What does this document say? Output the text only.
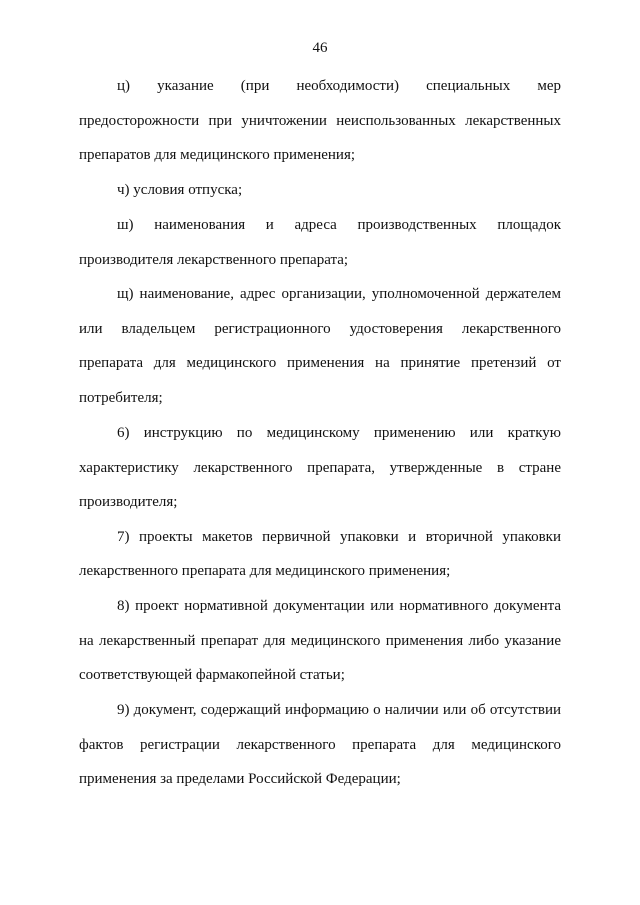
46
ц) указание (при необходимости) специальных мер
предосторожности при уничтожении неиспользованных лекарственных
препаратов для медицинского применения;
ч) условия отпуска;
ш) наименования и адреса производственных площадок
производителя лекарственного препарата;
щ) наименование, адрес организации, уполномоченной держателем
или владельцем регистрационного удостоверения лекарственного
препарата для медицинского применения на принятие претензий от
потребителя;
6) инструкцию по медицинскому применению или краткую
характеристику лекарственного препарата, утвержденные в стране
производителя;
7) проекты макетов первичной упаковки и вторичной упаковки
лекарственного препарата для медицинского применения;
8) проект нормативной документации или нормативного документа
на лекарственный препарат для медицинского применения либо указание
соответствующей фармакопейной статьи;
9) документ, содержащий информацию о наличии или об отсутствии
фактов регистрации лекарственного препарата для медицинского
применения за пределами Российской Федерации;
